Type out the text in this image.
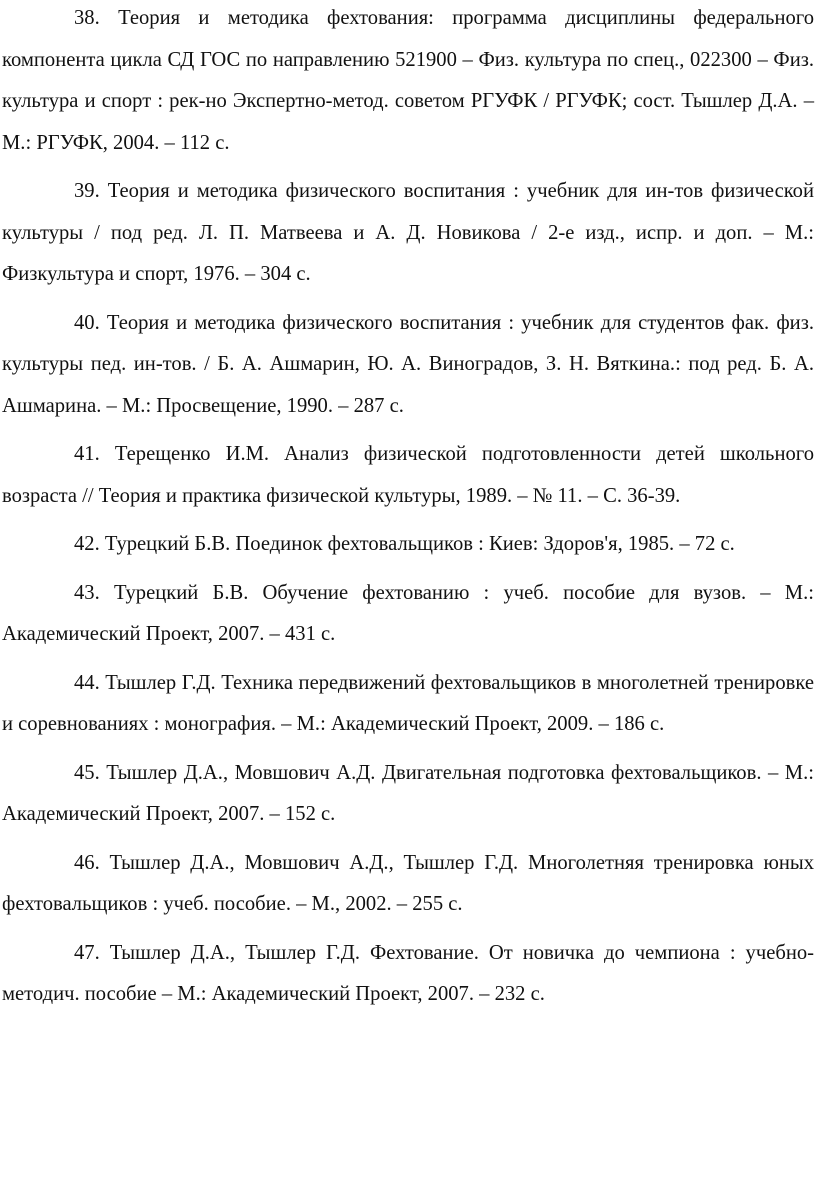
38. Теория и методика фехтования: программа дисциплины федерального компонента цикла СД ГОС по направлению 521900 – Физ. культура по спец., 022300 – Физ. культура и спорт : рек-но Экспертно-метод. советом РГУФК / РГУФК; сост. Тышлер Д.А. – М.: РГУФК, 2004. – 112 с.

39. Теория и методика физического воспитания : учебник для ин-тов физической культуры / под ред. Л. П. Матвеева и А. Д. Новикова / 2-е изд., испр. и доп. – М.: Физкультура и спорт, 1976. – 304 с.

40. Теория и методика физического воспитания : учебник для студентов фак. физ. культуры пед. ин-тов. / Б. А. Ашмарин, Ю. А. Виноградов, З. Н. Вяткина.: под ред. Б. А. Ашмарина. – М.: Просвещение, 1990. – 287 с.

41. Терещенко И.М. Анализ физической подготовленности детей школьного возраста // Теория и практика физической культуры, 1989. – № 11. – С. 36-39.

42. Турецкий Б.В. Поединок фехтовальщиков : Киев: Здоров'я, 1985. – 72 с.

43. Турецкий Б.В. Обучение фехтованию : учеб. пособие для вузов. – М.: Академический Проект, 2007. – 431 с.

44. Тышлер Г.Д. Техника передвижений фехтовальщиков в многолетней тренировке и соревнованиях : монография. – М.: Академический Проект, 2009. – 186 с.

45. Тышлер Д.А., Мовшович А.Д. Двигательная подготовка фехтовальщиков. – М.: Академический Проект, 2007. – 152 с.

46. Тышлер Д.А., Мовшович А.Д., Тышлер Г.Д. Многолетняя тренировка юных фехтовальщиков : учеб. пособие. – М., 2002. – 255 с.

47. Тышлер Д.А., Тышлер Г.Д. Фехтование. От новичка до чемпиона : учебно-методич. пособие – М.: Академический Проект, 2007. – 232 с.
